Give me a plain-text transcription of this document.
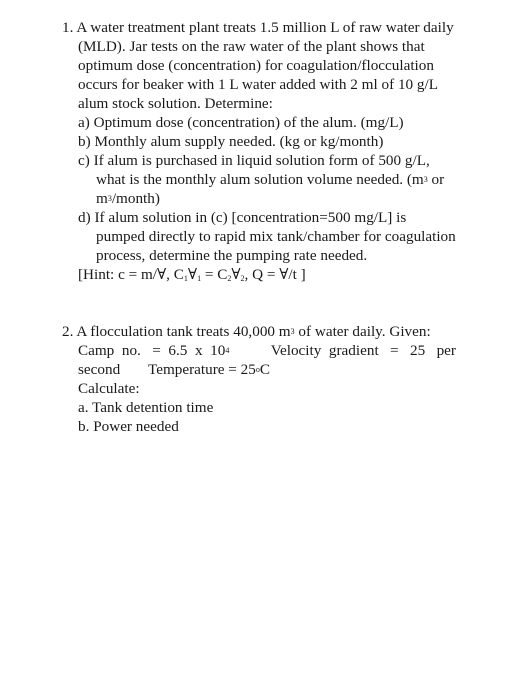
1. A water treatment plant treats 1.5 million L of raw water daily
(MLD). Jar tests on the raw water of the plant shows that
optimum dose (concentration) for coagulation/flocculation
occurs for beaker with 1 L water added with 2 ml of 10 g/L
alum stock solution. Determine:
a) Optimum dose (concentration) of the alum. (mg/L)
b) Monthly alum supply needed. (kg or kg/month)
c) If alum is purchased in liquid solution form of 500 g/L,
what is the monthly alum solution volume needed. ($m^3$ or
$m^3/month$)
d) If alum solution in (c) [concentration=500 mg/L] is
pumped directly to rapid mix tank/chamber for coagulation
process, determine the pumping rate needed.
[Hint: c = m/∀, $C_1\forall_1$ = $C_2\forall_2$, Q = ∀/t ]
2. A flocculation tank treats 40,000 $m^3$ of water daily. Given:
Camp  no.   =  6.5  x  $10^4$	Velocity  gradient   =   25   per
second Temperature = $25^oC$
Calculate:
a. Tank detention time
b. Power needed
